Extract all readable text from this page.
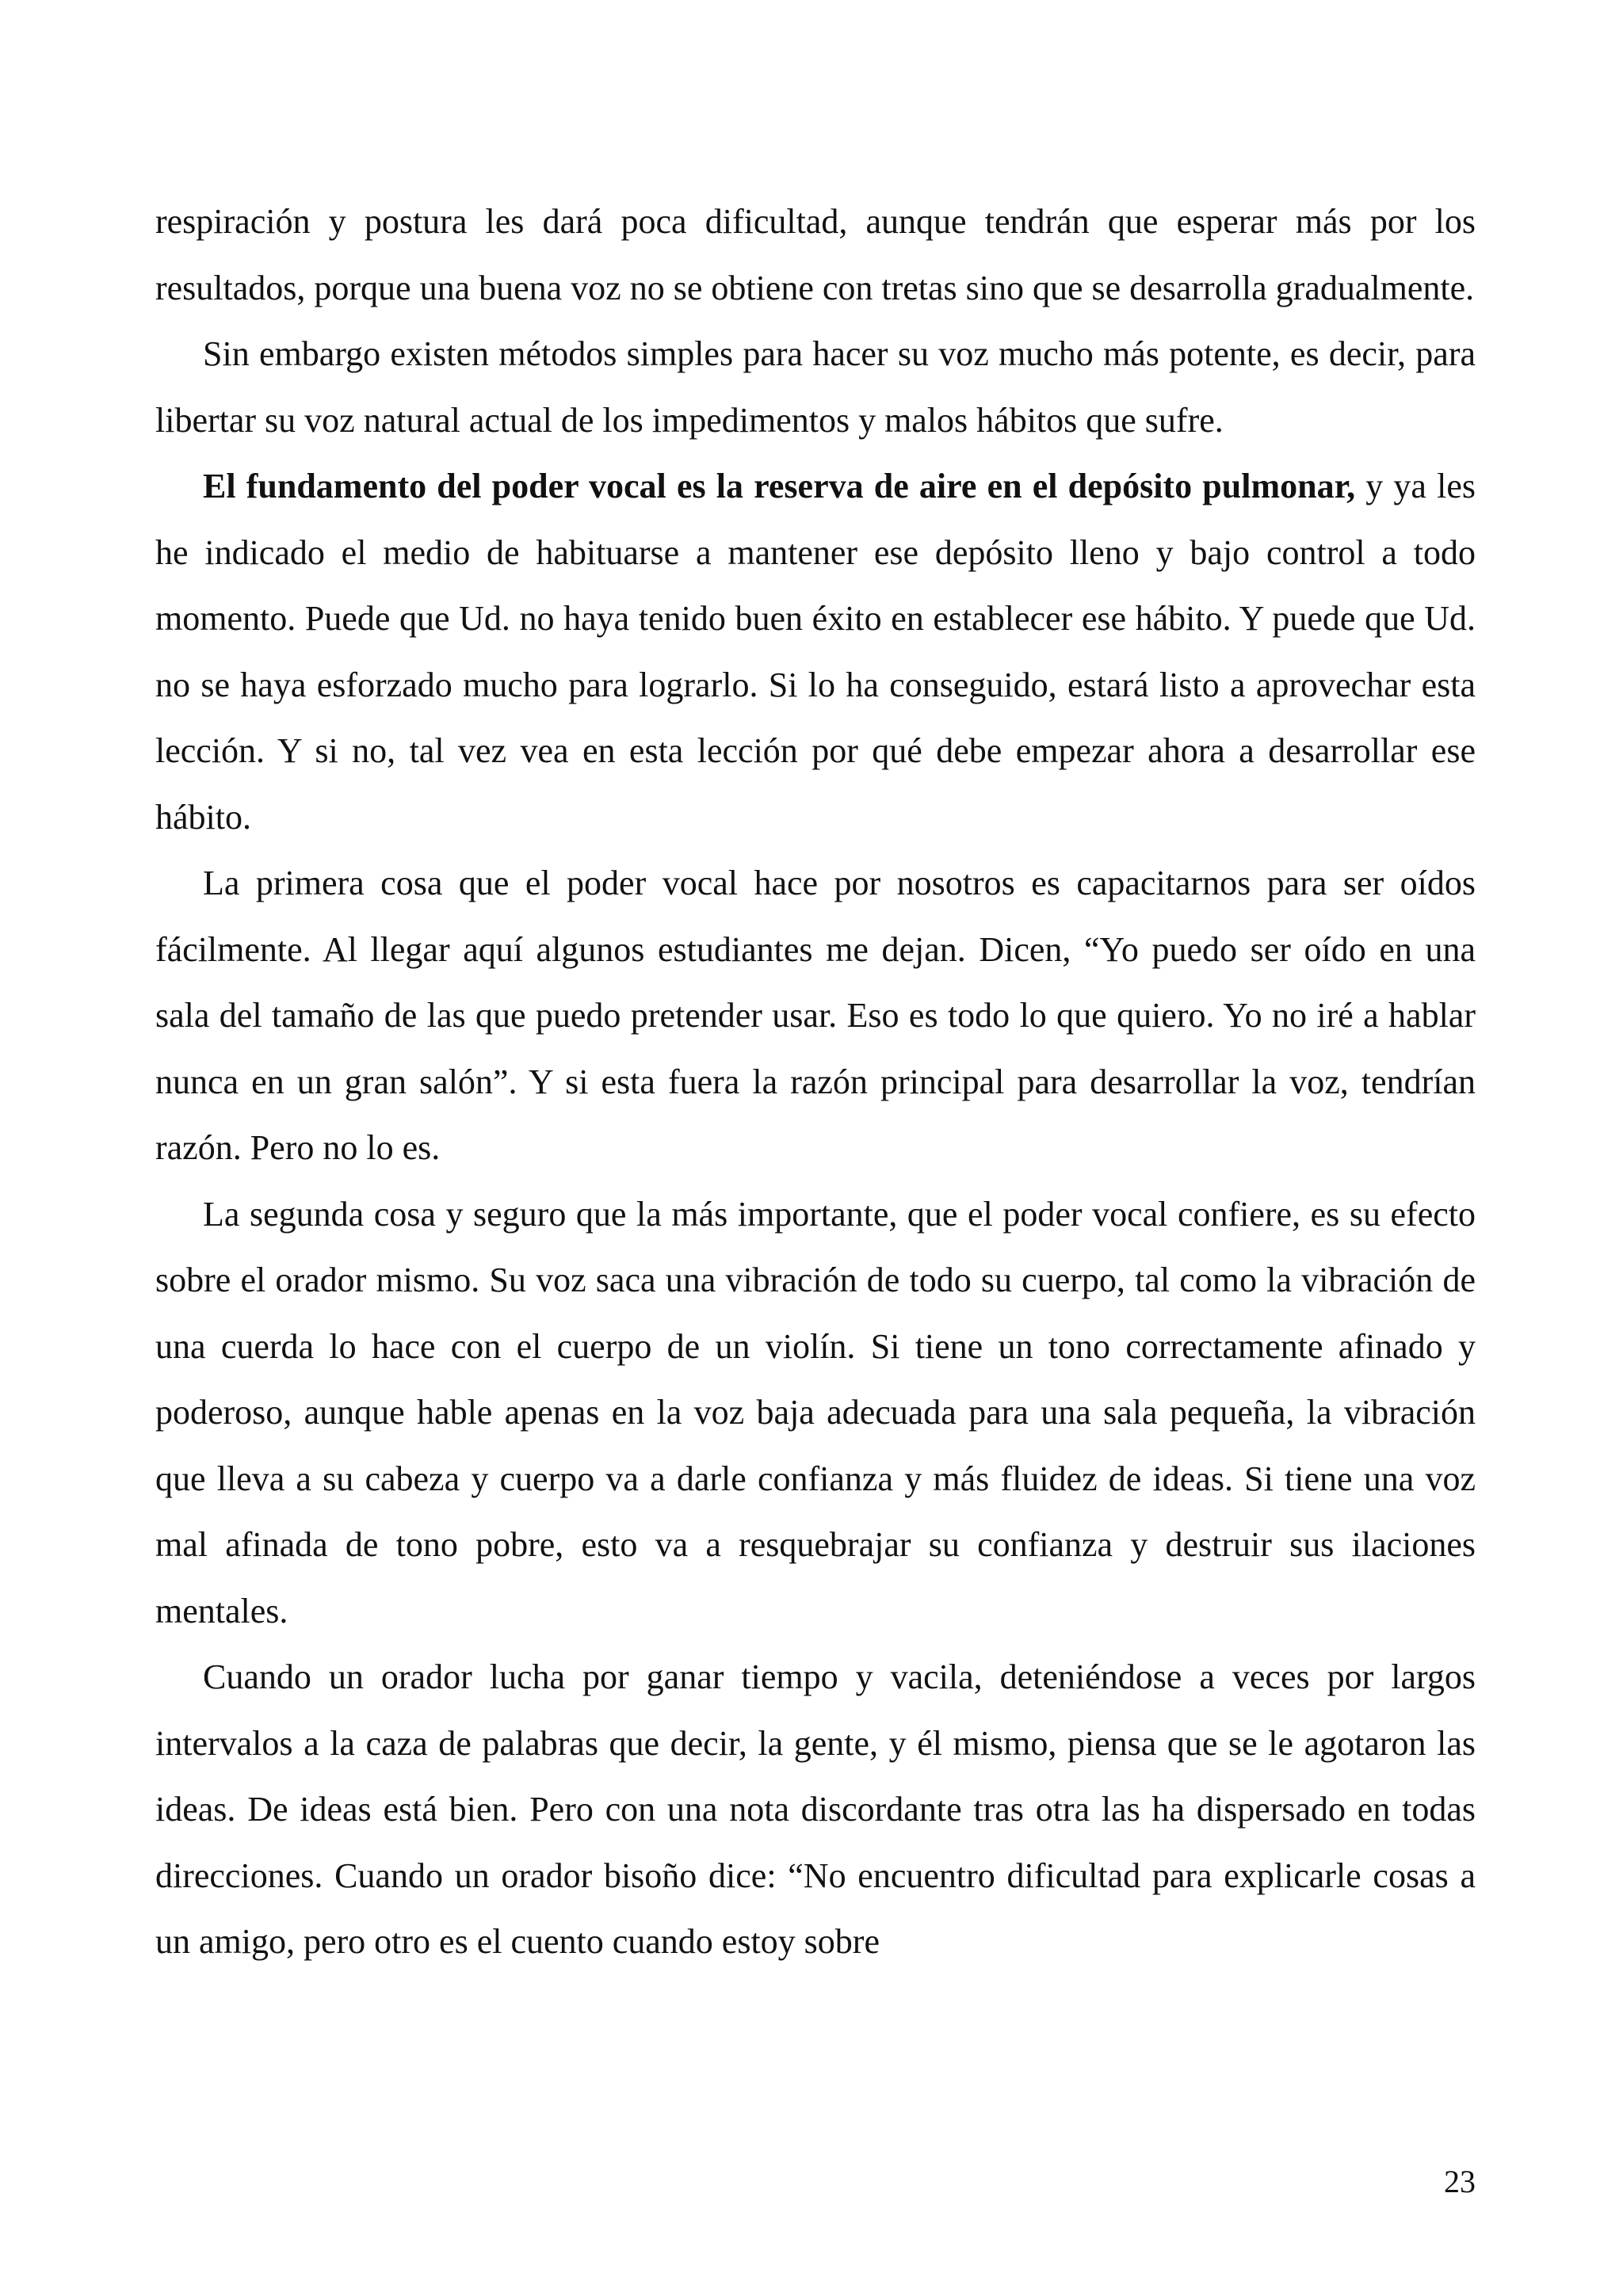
respiración y postura les dará poca dificultad, aunque tendrán que esperar más por los resultados, porque una buena voz no se obtiene con tretas sino que se desarrolla gradualmente.

Sin embargo existen métodos simples para hacer su voz mucho más potente, es decir, para libertar su voz natural actual de los impedimentos y malos hábitos que sufre.

El fundamento del poder vocal es la reserva de aire en el depósito pulmonar, y ya les he indicado el medio de habituarse a mantener ese depósito lleno y bajo control a todo momento. Puede que Ud. no haya tenido buen éxito en establecer ese hábito. Y puede que Ud. no se haya esforzado mucho para lograrlo. Si lo ha conseguido, estará listo a aprovechar esta lección. Y si no, tal vez vea en esta lección por qué debe empezar ahora a desarrollar ese hábito.

La primera cosa que el poder vocal hace por nosotros es capacitarnos para ser oídos fácilmente. Al llegar aquí algunos estudiantes me dejan. Dicen, “Yo puedo ser oído en una sala del tamaño de las que puedo pretender usar. Eso es todo lo que quiero. Yo no iré a hablar nunca en un gran salón”. Y si esta fuera la razón principal para desarrollar la voz, tendrían razón. Pero no lo es.

La segunda cosa y seguro que la más importante, que el poder vocal confiere, es su efecto sobre el orador mismo. Su voz saca una vibración de todo su cuerpo, tal como la vibración de una cuerda lo hace con el cuerpo de un violín. Si tiene un tono correctamente afinado y poderoso, aunque hable apenas en la voz baja adecuada para una sala pequeña, la vibración que lleva a su cabeza y cuerpo va a darle confianza y más fluidez de ideas. Si tiene una voz mal afinada de tono pobre, esto va a resquebrajar su confianza y destruir sus ilaciones mentales.

Cuando un orador lucha por ganar tiempo y vacila, deteniéndose a veces por largos intervalos a la caza de palabras que decir, la gente, y él mismo, piensa que se le agotaron las ideas. De ideas está bien. Pero con una nota discordante tras otra las ha dispersado en todas direcciones. Cuando un orador bisoño dice: “No encuentro dificultad para explicarle cosas a un amigo, pero otro es el cuento cuando estoy sobre

23
